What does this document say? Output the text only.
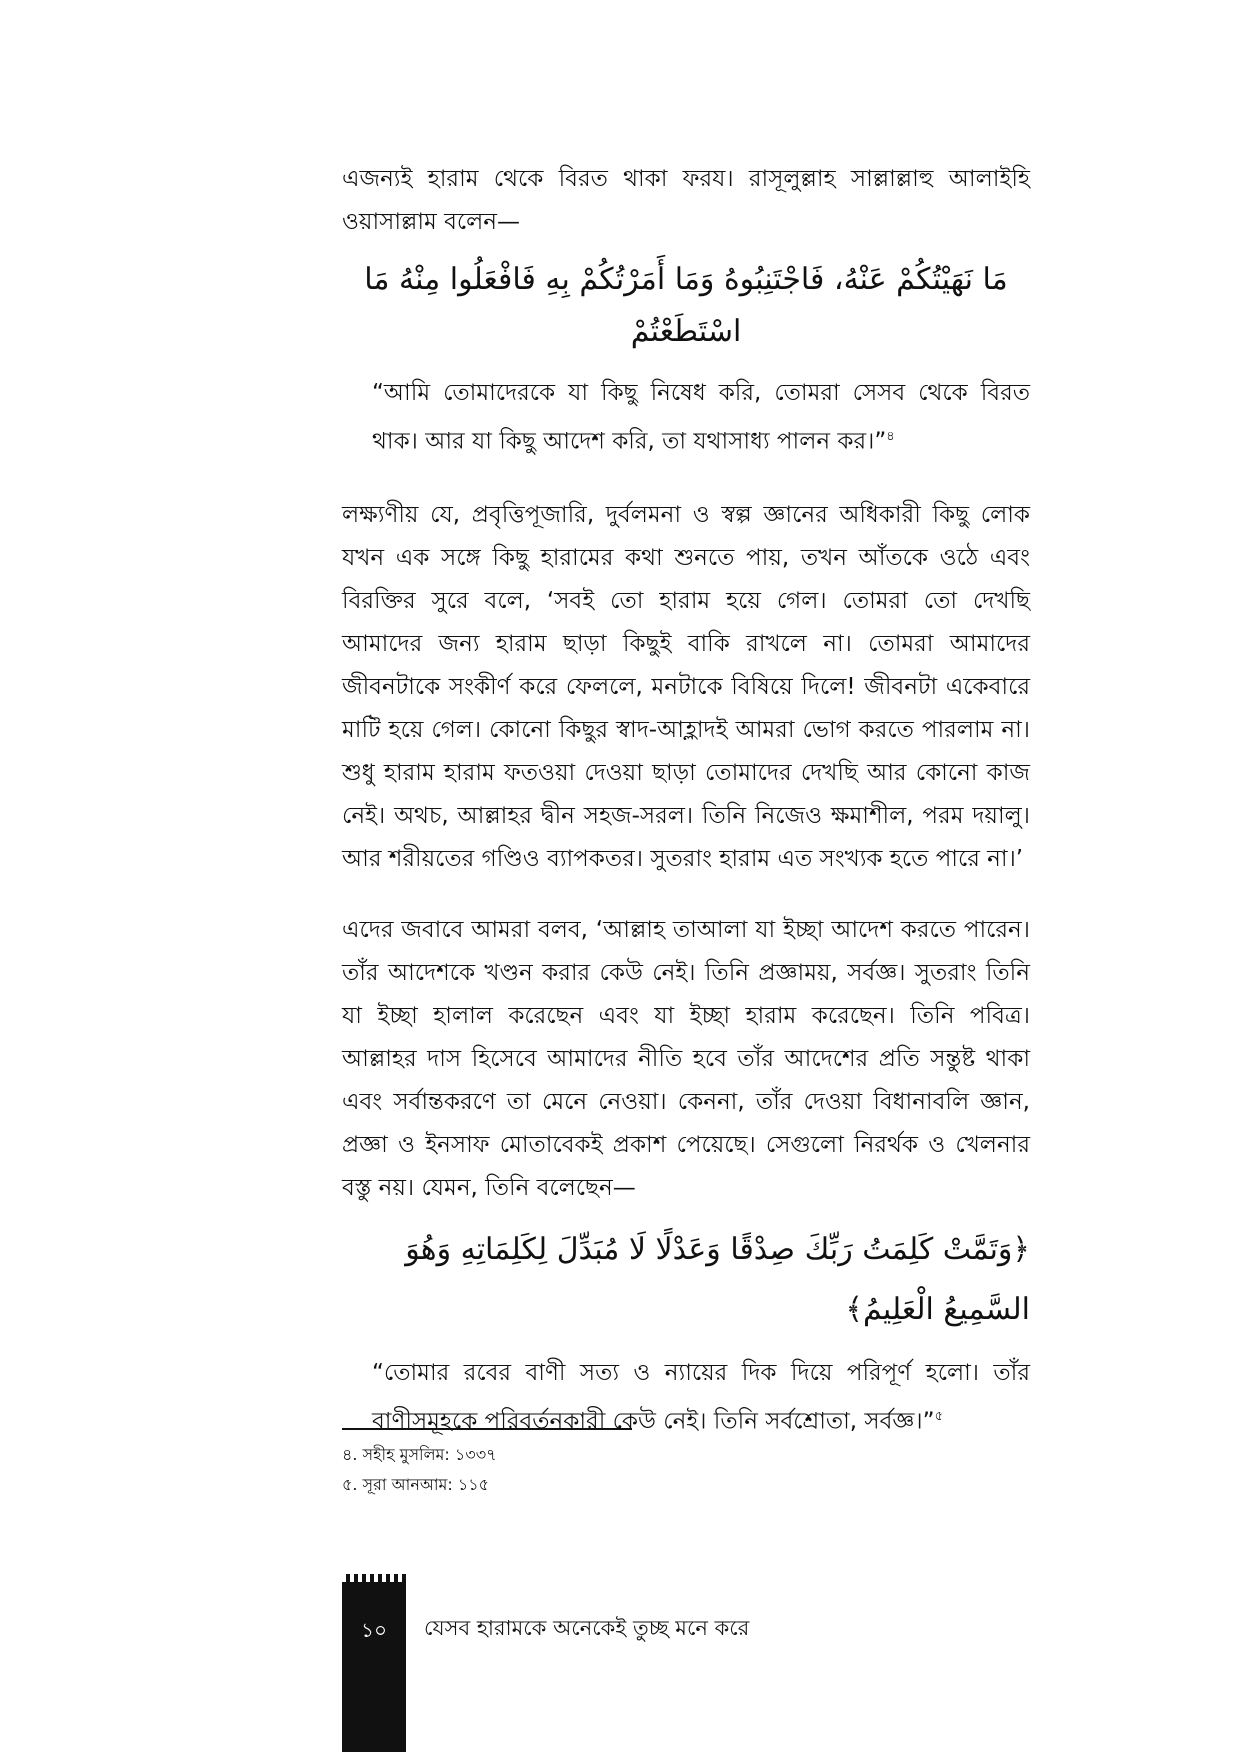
এজন্যই হারাম থেকে বিরত থাকা ফরয। রাসূলুল্লাহ সাল্লাল্লাহু আলাইহি ওয়াসাল্লাম বলেন—

مَا نَهَيْتُكُمْ عَنْهُ، فَاجْتَنِبُوهُ وَمَا أَمَرْتُكُمْ بِهِ فَافْعَلُوا مِنْهُ مَا اسْتَطَعْتُمْ

“আমি তোমাদেরকে যা কিছু নিষেধ করি, তোমরা সেসব থেকে বিরত থাক। আর যা কিছু আদেশ করি, তা যথাসাধ্য পালন কর।”$^৪$

লক্ষ্যণীয় যে, প্রবৃত্তিপূজারি, দুর্বলমনা ও স্বল্প জ্ঞানের অধিকারী কিছু লোক যখন এক সঙ্গে কিছু হারামের কথা শুনতে পায়, তখন আঁতকে ওঠে এবং বিরক্তির সুরে বলে, ‘সবই তো হারাম হয়ে গেল। তোমরা তো দেখছি আমাদের জন্য হারাম ছাড়া কিছুই বাকি রাখলে না। তোমরা আমাদের জীবনটাকে সংকীর্ণ করে ফেললে, মনটাকে বিষিয়ে দিলে! জীবনটা একেবারে মাটি হয়ে গেল। কোনো কিছুর স্বাদ-আহ্লাদই আমরা ভোগ করতে পারলাম না। শুধু হারাম হারাম ফতওয়া দেওয়া ছাড়া তোমাদের দেখছি আর কোনো কাজ নেই। অথচ, আল্লাহর দ্বীন সহজ-সরল। তিনি নিজেও ক্ষমাশীল, পরম দয়ালু। আর শরীয়তের গণ্ডিও ব্যাপকতর। সুতরাং হারাম এত সংখ্যক হতে পারে না।’

এদের জবাবে আমরা বলব, ‘আল্লাহ তাআলা যা ইচ্ছা আদেশ করতে পারেন। তাঁর আদেশকে খণ্ডন করার কেউ নেই। তিনি প্রজ্ঞাময়, সর্বজ্ঞ। সুতরাং তিনি যা ইচ্ছা হালাল করেছেন এবং যা ইচ্ছা হারাম করেছেন। তিনি পবিত্র। আল্লাহর দাস হিসেবে আমাদের নীতি হবে তাঁর আদেশের প্রতি সন্তুষ্ট থাকা এবং সর্বান্তকরণে তা মেনে নেওয়া। কেননা, তাঁর দেওয়া বিধানাবলি জ্ঞান, প্রজ্ঞা ও ইনসাফ মোতাবেকই প্রকাশ পেয়েছে। সেগুলো নিরর্থক ও খেলনার বস্তু নয়। যেমন, তিনি বলেছেন—

﴿وَتَمَّتْ كَلِمَتُ رَبِّكَ صِدْقًا وَعَدْلًا لَا مُبَدِّلَ لِكَلِمَاتِهِ وَهُوَ السَّمِيعُ الْعَلِيمُ﴾

“তোমার রবের বাণী সত্য ও ন্যায়ের দিক দিয়ে পরিপূর্ণ হলো। তাঁর বাণীসমূহকে পরিবর্তনকারী কেউ নেই। তিনি সর্বশ্রোতা, সর্বজ্ঞ।”$^৫$

৪. সহীহ মুসলিম: ১৩৩৭

৫. সূরা আনআম: ১১৫

১০	যেসব হারামকে অনেকেই তুচ্ছ মনে করে
